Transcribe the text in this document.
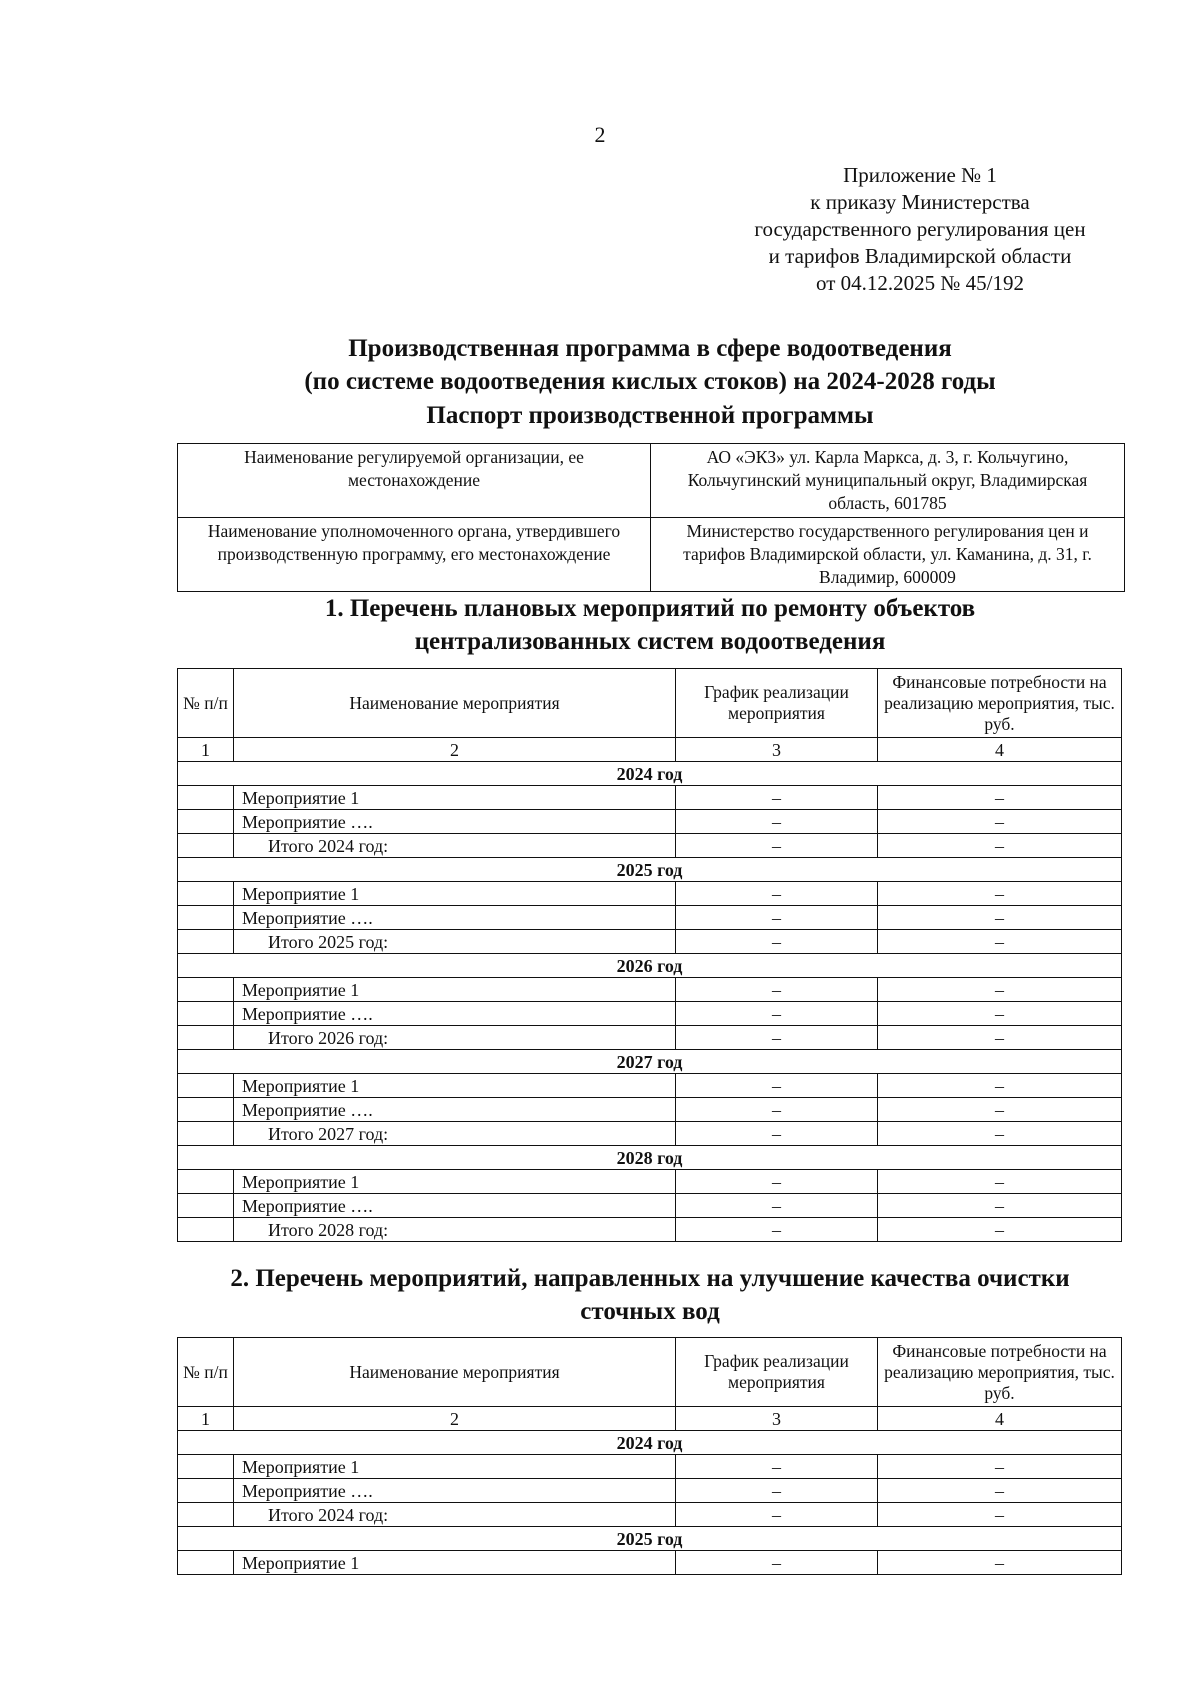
2
Приложение № 1
к приказу Министерства
государственного регулирования цен
и тарифов Владимирской области
от 04.12.2025 № 45/192
Производственная программа в сфере водоотведения
(по системе водоотведения кислых стоков) на 2024-2028 годы
Паспорт производственной программы
Наименование регулируемой организации, ее местонахождение	АО «ЭКЗ» ул. Карла Маркса, д. 3, г. Кольчугино, Кольчугинский муниципальный округ, Владимирская область, 601785
Наименование уполномоченного органа, утвердившего производственную программу, его местонахождение	Министерство государственного регулирования цен и тарифов Владимирской области, ул. Каманина, д. 31, г. Владимир, 600009
1. Перечень плановых мероприятий по ремонту объектов
централизованных систем водоотведения
№ п/п	Наименование мероприятия	График реализации мероприятия	Финансовые потребности на реализацию мероприятия, тыс. руб.
1	2	3	4
2024 год			
	Мероприятие 1	–	–
	Мероприятие ….	–	–
	Итого 2024 год:	–	–
2025 год			
	Мероприятие 1	–	–
	Мероприятие ….	–	–
	Итого 2025 год:	–	–
2026 год			
	Мероприятие 1	–	–
	Мероприятие ….	–	–
	Итого 2026 год:	–	–
2027 год			
	Мероприятие 1	–	–
	Мероприятие ….	–	–
	Итого 2027 год:	–	–
2028 год			
	Мероприятие 1	–	–
	Мероприятие ….	–	–
	Итого 2028 год:	–	–
2. Перечень мероприятий, направленных на улучшение качества очистки
сточных вод
№ п/п	Наименование мероприятия	График реализации мероприятия	Финансовые потребности на реализацию мероприятия, тыс. руб.
1	2	3	4
2024 год			
	Мероприятие 1	–	–
	Мероприятие ….	–	–
	Итого 2024 год:	–	–
2025 год			
	Мероприятие 1	–	–
